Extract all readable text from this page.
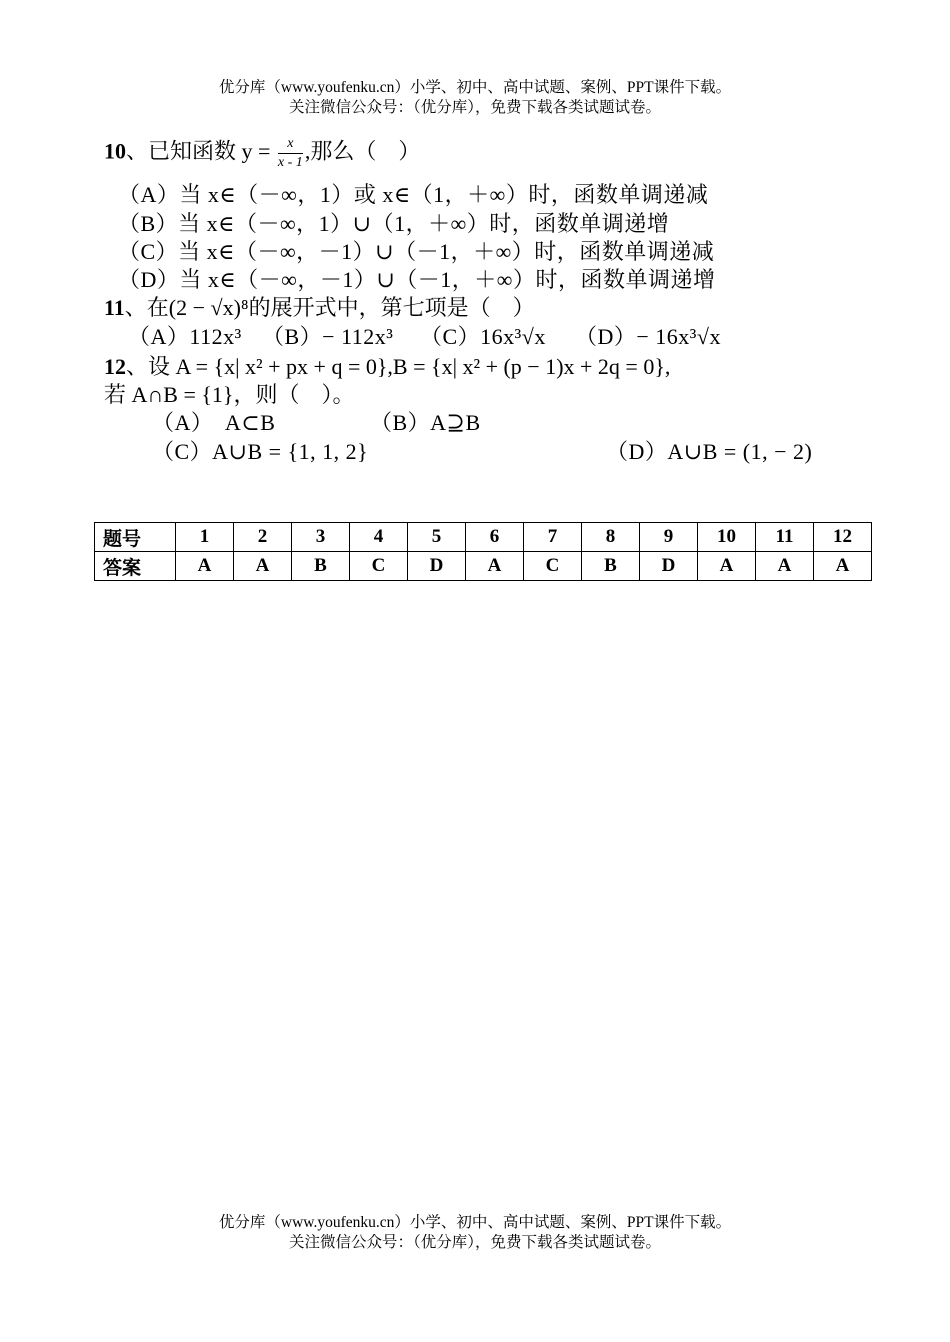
优分库（www.youfenku.cn）小学、初中、高中试题、案例、PPT课件下载。
关注微信公众号：（优分库），免费下载各类试题试卷。
10、已知函数 $y = \frac{x}{x - 1}$ ,那么（　）
（A）当 x∈（－∞，1）或 x∈（1，＋∞）时，函数单调递减
（B）当 x∈（－∞，1）∪（1，＋∞）时，函数单调递增
（C）当 x∈（－∞，－1）∪（－1，＋∞）时，函数单调递减
（D）当 x∈（－∞，－1）∪（－1，＋∞）时，函数单调递增
11、在(2 − √x)⁸的展开式中，第七项是（　）
（A）112x³ （B）− 112x³ （C）16x³√x （D）− 16x³√x
12、设 A = {x| x² + px + q = 0},B = {x| x² + (p − 1)x + 2q = 0},
若 A∩B = {1}，则（　）。
（A）　A⊂B	（B）A⊇B
（C）A∪B = {1, 1, 2}	（D）A∪B = (1, − 2)
题号	1	2	3	4	5	6	7	8	9	10	11	12
答案	A	A	B	C	D	A	C	B	D	A	A	A
优分库（www.youfenku.cn）小学、初中、高中试题、案例、PPT课件下载。
关注微信公众号：（优分库），免费下载各类试题试卷。
